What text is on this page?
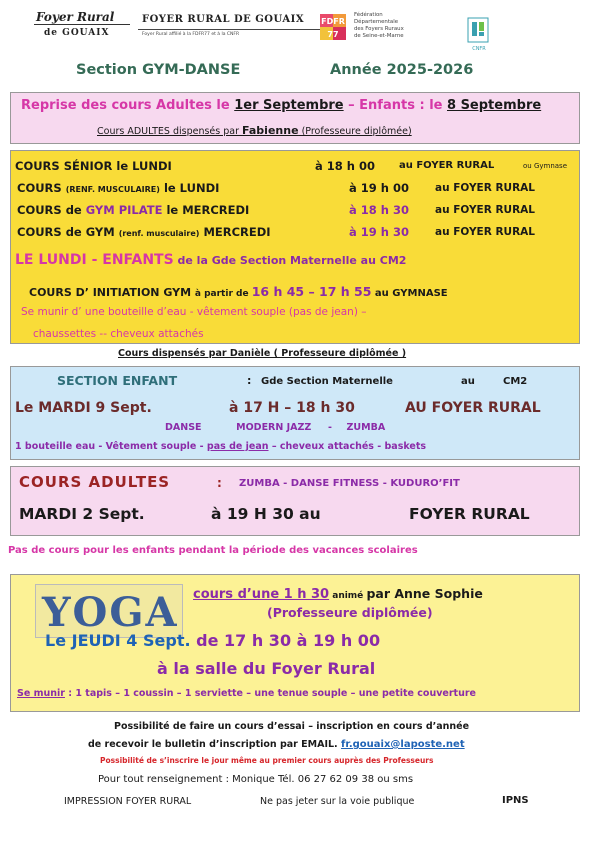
Foyer Rural
de GOUAIX
FOYER RURAL DE GOUAIX
Foyer Rural affilié à la FDFR77 et à la CNFR
FDFR
77
Fédération
Départementale
des Foyers Ruraux
de Seine-et-Marne
CNFR
Section GYM-DANSE	Année 2025-2026
Reprise des cours Adultes le 1er Septembre – Enfants : le 8 Septembre
Cours ADULTES dispensés par Fabienne (Professeure diplômée)
COURS SÉNIOR le LUNDI	à 18 h 00 au FOYER RURAL	ou Gymnase
COURS (RENF. MUSCULAIRE) le LUNDI	à 19 h 00 au FOYER RURAL
COURS de GYM PILATE le MERCREDI	à 18 h 30 au FOYER RURAL
COURS de GYM (renf. musculaire) MERCREDI	à 19 h 30 au FOYER RURAL
LE LUNDI - ENFANTS de la Gde Section Maternelle au CM2
COURS D’ INITIATION GYM à partir de 16 h 45 – 17 h 55 au GYMNASE
Se munir d’ une bouteille d’eau - vêtement souple (pas de jean) –
chaussettes -- cheveux attachés
Cours dispensés par Danièle ( Professeure diplômée )
SECTION ENFANT	: Gde Section Maternelle	au	CM2
Le MARDI 9 Sept.	à 17 H – 18 h 30	AU FOYER RURAL
DANSE	MODERN JAZZ - ZUMBA
1 bouteille eau - Vêtement souple - pas de jean – cheveux attachés - baskets
COURS ADULTES	: ZUMBA - DANSE FITNESS - KUDURO’FIT
MARDI 2 Sept.	à 19 H 30 au	FOYER RURAL
Pas de cours pour les enfants pendant la période des vacances scolaires
YOGA cours d’une 1 h 30 animé par Anne Sophie
(Professeure diplômée)
Le JEUDI 4 Sept. de 17 h 30 à 19 h 00
à la salle du Foyer Rural
Se munir : 1 tapis – 1 coussin – 1 serviette – une tenue souple – une petite couverture
Possibilité de faire un cours d’essai – inscription en cours d’année
de recevoir le bulletin d’inscription par EMAIL. fr.gouaix@laposte.net
Possibilité de s’inscrire le jour même au premier cours auprès des Professeurs
Pour tout renseignement : Monique Tél. 06 27 62 09 38 ou sms
IMPRESSION FOYER RURAL	Ne pas jeter sur la voie publique	IPNS
